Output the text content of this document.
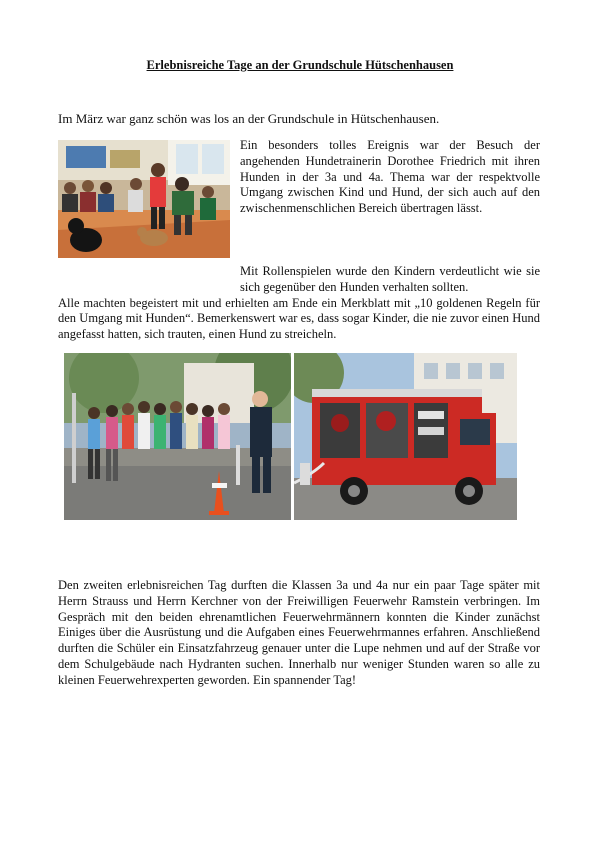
Erlebnisreiche Tage an der Grundschule Hütschenhausen
Im März war ganz schön was los an der Grundschule in Hütschenhausen.
Ein besonders tolles Ereignis war der Besuch der angehenden Hundetrainerin Dorothee Friedrich mit ihren Hunden in der 3a und 4a. Thema war der respektvolle Umgang zwischen Kind und Hund, der sich auch auf den zwischenmenschlichen Bereich übertragen lässt.
Mit Rollenspielen wurde den Kindern verdeutlicht wie sie sich gegenüber den Hunden verhalten sollten.
Alle machten begeistert mit und erhielten am Ende ein Merkblatt mit „10 goldenen Regeln für den Umgang mit Hunden“. Bemerkenswert war es, dass sogar Kinder, die nie zuvor einen Hund angefasst hatten, sich trauten, einen Hund zu streicheln.
Den zweiten erlebnisreichen Tag durften die Klassen 3a und 4a nur ein paar Tage später mit Herrn Strauss und Herrn Kerchner von der Freiwilligen Feuerwehr Ramstein verbringen. Im Gespräch mit den beiden ehrenamtlichen Feuerwehrmännern konnten die Kinder zunächst Einiges über die Ausrüstung und die Aufgaben eines Feuerwehrmannes erfahren. Anschließend durften die Schüler ein Einsatzfahrzeug genauer unter die Lupe nehmen und auf der Straße vor dem Schulgebäude nach Hydranten suchen. Innerhalb nur weniger Stunden waren so alle zu kleinen Feuerwehrexperten geworden. Ein spannender Tag!
